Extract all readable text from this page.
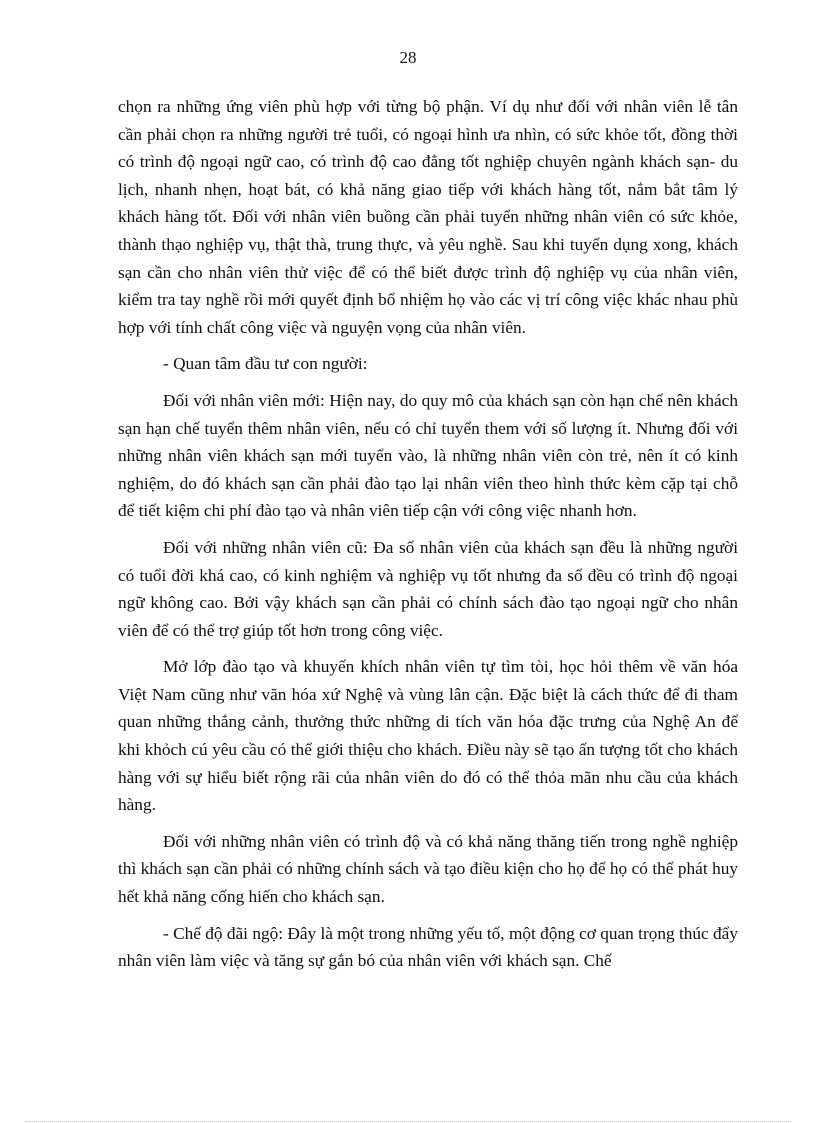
28

chọn ra những ứng viên phù hợp với từng bộ phận. Ví dụ như đối với nhân viên lễ tân cần phải chọn ra những người trẻ tuổi, có ngoại hình ưa nhìn, có sức khỏe tốt, đồng thời có trình độ ngoại ngữ cao, có trình độ cao đẳng tốt nghiệp chuyên ngành khách sạn- du lịch, nhanh nhẹn, hoạt bát, có khả năng giao tiếp với khách hàng tốt, nắm bắt tâm lý khách hàng tốt. Đối với nhân viên buồng cần phải tuyển những nhân viên có sức khỏe, thành thạo nghiệp vụ, thật thà, trung thực, và yêu nghề. Sau khi tuyển dụng xong, khách sạn cần cho nhân viên thử việc để có thể biết được trình độ nghiệp vụ của nhân viên, kiểm tra tay nghề rồi mới quyết định bổ nhiệm họ vào các vị trí công việc khác nhau phù hợp với tính chất công việc và nguyện vọng của nhân viên.

- Quan tâm đầu tư con người:

Đối với nhân viên mới: Hiện nay, do quy mô của khách sạn còn hạn chế nên khách sạn hạn chế tuyển thêm nhân viên, nếu có chỉ tuyển them với số lượng ít. Nhưng đối với những nhân viên khách sạn mới tuyển vào, là những nhân viên còn trẻ, nên ít có kinh nghiệm, do đó khách sạn cần phải đào tạo lại nhân viên theo hình thức kèm cặp tại chỗ để tiết kiệm chi phí đào tạo và nhân viên tiếp cận với công việc nhanh hơn.

Đối với những nhân viên cũ: Đa số nhân viên của khách sạn đều là những người có tuổi đời khá cao, có kinh nghiệm và nghiệp vụ tốt nhưng đa số đều có trình độ ngoại ngữ không cao. Bởi vậy khách sạn cần phải có chính sách đào tạo ngoại ngữ cho nhân viên để có thể trợ giúp tốt hơn trong công việc.

Mở lớp đào tạo và khuyến khích nhân viên tự tìm tòi, học hỏi thêm về văn hóa Việt Nam cũng như văn hóa xứ Nghệ và vùng lân cận. Đặc biệt là cách thức để đi tham quan những thắng cảnh, thưởng thức những di tích văn hóa đặc trưng của Nghệ An để khi khỏch cú yêu cầu có thể giới thiệu cho khách. Điều này sẽ tạo ấn tượng tốt cho khách hàng với sự hiểu biết rộng rãi của nhân viên do đó có thể thỏa mãn nhu cầu của khách hàng.

Đối với những nhân viên có trình độ và có khả năng thăng tiến trong nghề nghiệp thì khách sạn cần phải có những chính sách và tạo điều kiện cho họ để họ có thể phát huy hết khả năng cống hiến cho khách sạn.

- Chế độ đãi ngộ: Đây là một trong những yếu tố, một động cơ quan trọng thúc đẩy nhân viên làm việc và tăng sự gắn bó của nhân viên với khách sạn. Chế
